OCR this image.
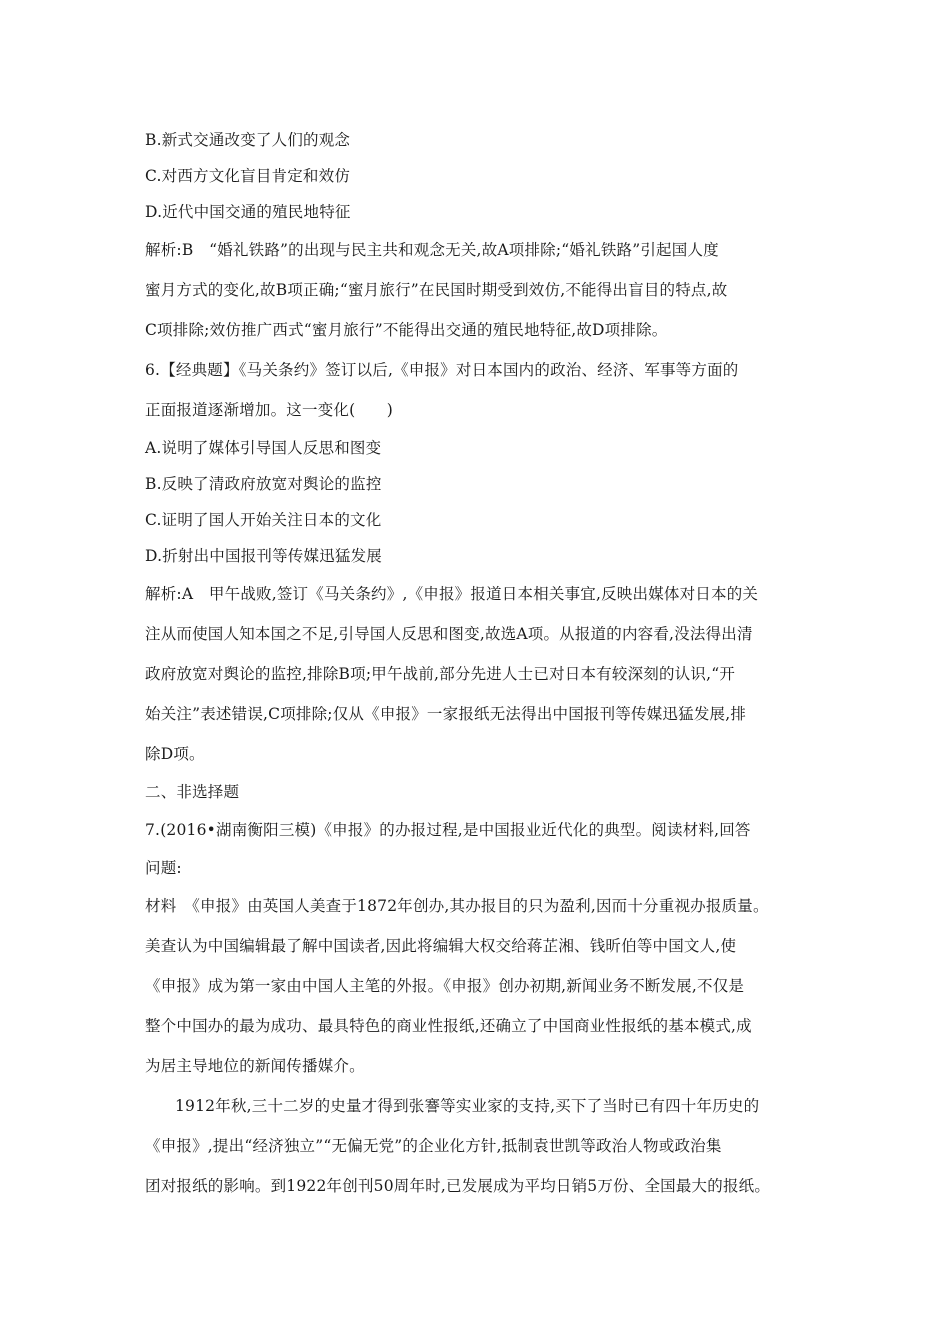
B.新式交通改变了人们的观念
C.对西方文化盲目肯定和效仿
D.近代中国交通的殖民地特征
解析:B　“婚礼铁路”的出现与民主共和观念无关,故A项排除;“婚礼铁路”引起国人度
蜜月方式的变化,故B项正确;“蜜月旅行”在民国时期受到效仿,不能得出盲目的特点,故
C项排除;效仿推广西式“蜜月旅行”不能得出交通的殖民地特征,故D项排除。
6.【经典题】《马关条约》签订以后,《申报》对日本国内的政治、经济、军事等方面的
正面报道逐渐增加。这一变化(　　)
A.说明了媒体引导国人反思和图变
B.反映了清政府放宽对舆论的监控
C.证明了国人开始关注日本的文化
D.折射出中国报刊等传媒迅猛发展
解析:A　甲午战败,签订《马关条约》,《申报》报道日本相关事宜,反映出媒体对日本的关
注从而使国人知本国之不足,引导国人反思和图变,故选A项。从报道的内容看,没法得出清
政府放宽对舆论的监控,排除B项;甲午战前,部分先进人士已对日本有较深刻的认识,“开
始关注”表述错误,C项排除;仅从《申报》一家报纸无法得出中国报刊等传媒迅猛发展,排
除D项。
二、非选择题
7.(2016•湖南衡阳三模)《申报》的办报过程,是中国报业近代化的典型。阅读材料,回答
问题:
材料　《申报》由英国人美查于1872年创办,其办报目的只为盈利,因而十分重视办报质量。
美查认为中国编辑最了解中国读者,因此将编辑大权交给蒋芷湘、钱昕伯等中国文人,使
《申报》成为第一家由中国人主笔的外报。《申报》创办初期,新闻业务不断发展,不仅是
整个中国办的最为成功、最具特色的商业性报纸,还确立了中国商业性报纸的基本模式,成
为居主导地位的新闻传播媒介。
1912年秋,三十二岁的史量才得到张謇等实业家的支持,买下了当时已有四十年历史的
《申报》,提出“经济独立”“无偏无党”的企业化方针,抵制袁世凯等政治人物或政治集
团对报纸的影响。到1922年创刊50周年时,已发展成为平均日销5万份、全国最大的报纸。
